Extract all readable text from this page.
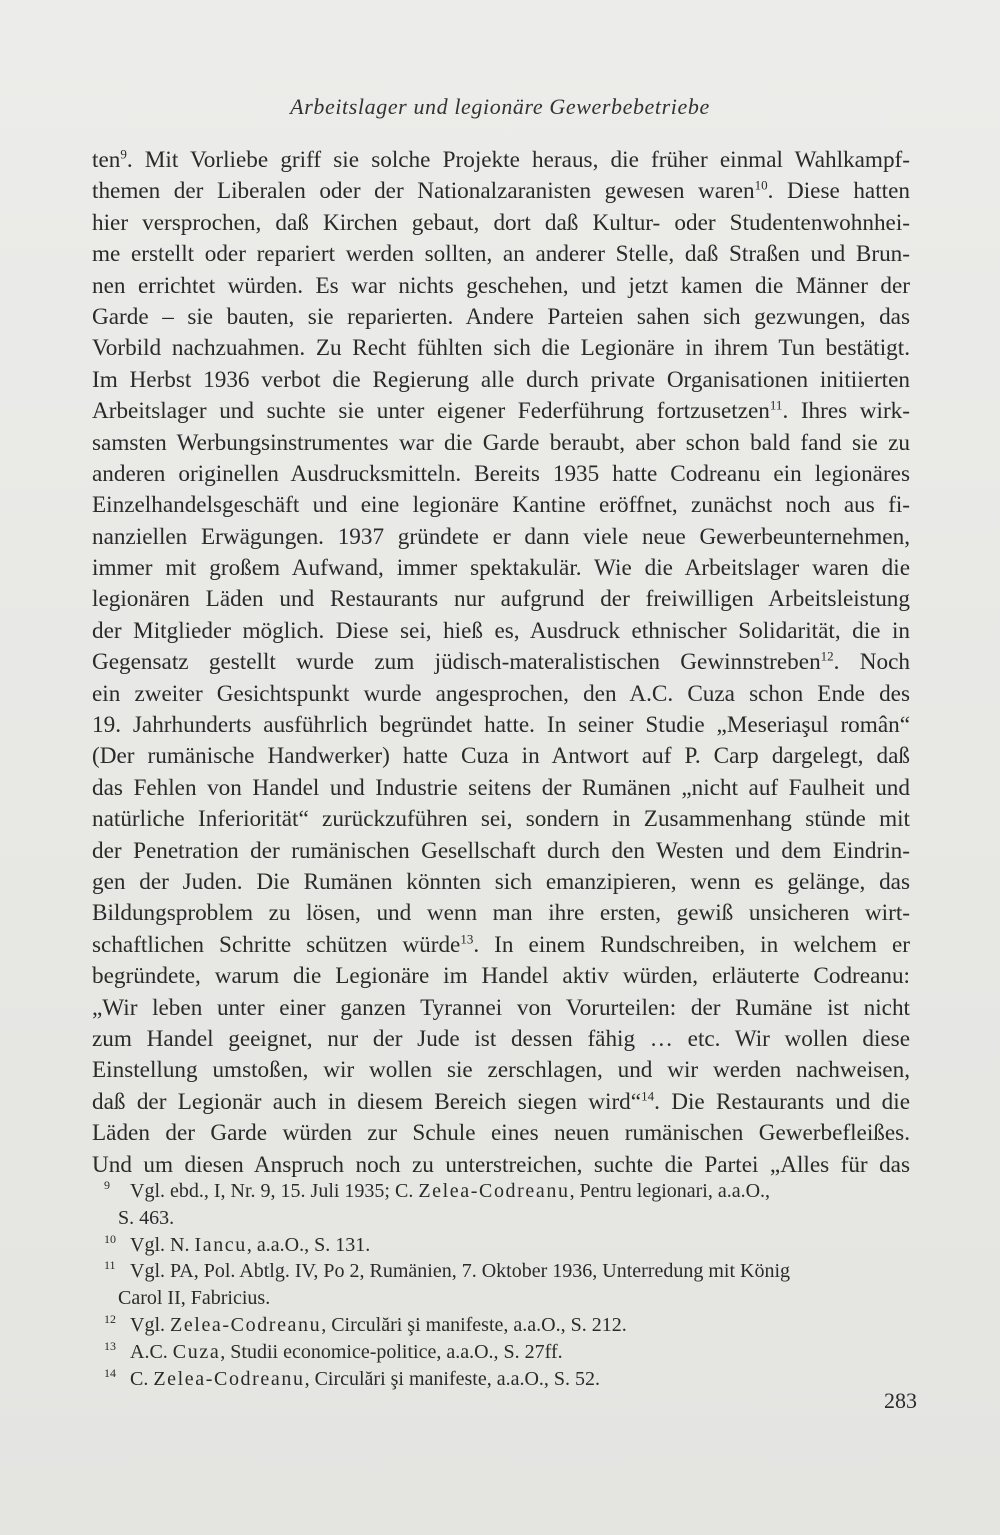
Arbeitslager und legionäre Gewerbebetriebe
ten$^9$. Mit Vorliebe griff sie solche Projekte heraus, die früher einmal Wahlkampf-
themen der Liberalen oder der Nationalzaranisten gewesen waren$^{10}$. Diese hatten
hier versprochen, daß Kirchen gebaut, dort daß Kultur- oder Studentenwohnhei-
me erstellt oder repariert werden sollten, an anderer Stelle, daß Straßen und Brun-
nen errichtet würden. Es war nichts geschehen, und jetzt kamen die Männer der
Garde – sie bauten, sie reparierten. Andere Parteien sahen sich gezwungen, das
Vorbild nachzuahmen. Zu Recht fühlten sich die Legionäre in ihrem Tun bestätigt.
Im Herbst 1936 verbot die Regierung alle durch private Organisationen initiierten
Arbeitslager und suchte sie unter eigener Federführung fortzusetzen$^{11}$. Ihres wirk-
samsten Werbungsinstrumentes war die Garde beraubt, aber schon bald fand sie zu
anderen originellen Ausdrucksmitteln. Bereits 1935 hatte Codreanu ein legionäres
Einzelhandelsgeschäft und eine legionäre Kantine eröffnet, zunächst noch aus fi-
nanziellen Erwägungen. 1937 gründete er dann viele neue Gewerbeunternehmen,
immer mit großem Aufwand, immer spektakulär. Wie die Arbeitslager waren die
legionären Läden und Restaurants nur aufgrund der freiwilligen Arbeitsleistung
der Mitglieder möglich. Diese sei, hieß es, Ausdruck ethnischer Solidarität, die in
Gegensatz gestellt wurde zum jüdisch-materalistischen Gewinnstreben$^{12}$. Noch
ein zweiter Gesichtspunkt wurde angesprochen, den A.C. Cuza schon Ende des
19. Jahrhunderts ausführlich begründet hatte. In seiner Studie „Meseriaşul român“
(Der rumänische Handwerker) hatte Cuza in Antwort auf P. Carp dargelegt, daß
das Fehlen von Handel und Industrie seitens der Rumänen „nicht auf Faulheit und
natürliche Inferiorität“ zurückzuführen sei, sondern in Zusammenhang stünde mit
der Penetration der rumänischen Gesellschaft durch den Westen und dem Eindrin-
gen der Juden. Die Rumänen könnten sich emanzipieren, wenn es gelänge, das
Bildungsproblem zu lösen, und wenn man ihre ersten, gewiß unsicheren wirt-
schaftlichen Schritte schützen würde$^{13}$. In einem Rundschreiben, in welchem er
begründete, warum die Legionäre im Handel aktiv würden, erläuterte Codreanu:
„Wir leben unter einer ganzen Tyrannei von Vorurteilen: der Rumäne ist nicht
zum Handel geeignet, nur der Jude ist dessen fähig … etc. Wir wollen diese
Einstellung umstoßen, wir wollen sie zerschlagen, und wir werden nachweisen,
daß der Legionär auch in diesem Bereich siegen wird“$^{14}$. Die Restaurants und die
Läden der Garde würden zur Schule eines neuen rumänischen Gewerbefleißes.
Und um diesen Anspruch noch zu unterstreichen, suchte die Partei „Alles für das
9 Vgl. ebd., I, Nr. 9, 15. Juli 1935; C. Zelea-Codreanu, Pentru legionari, a.a.O.,
S. 463.
10 Vgl. N. Iancu, a.a.O., S. 131.
11 Vgl. PA, Pol. Abtlg. IV, Po 2, Rumänien, 7. Oktober 1936, Unterredung mit König
Carol II, Fabricius.
12 Vgl. Zelea-Codreanu, Circulări şi manifeste, a.a.O., S. 212.
13 A.C. Cuza, Studii economice-politice, a.a.O., S. 27ff.
14 C. Zelea-Codreanu, Circulări şi manifeste, a.a.O., S. 52.
283
